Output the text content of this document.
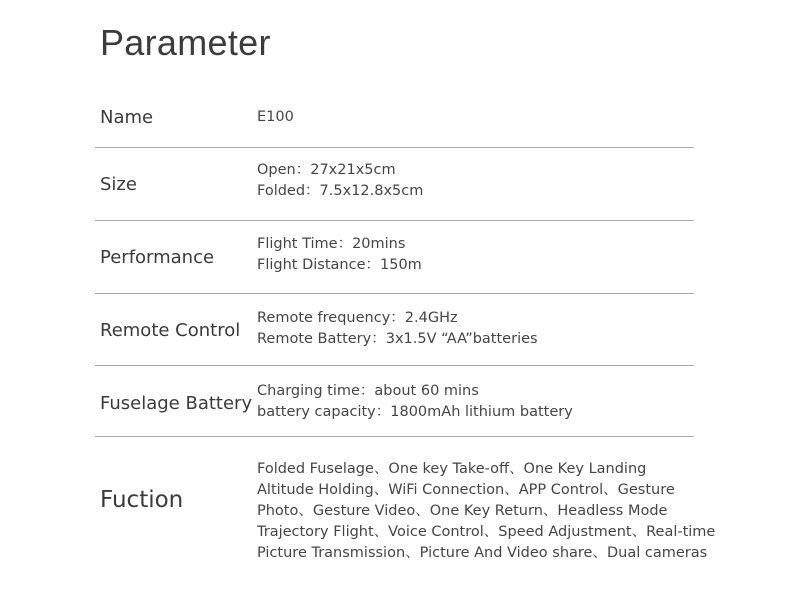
Parameter
Name	E100
Size
Open：27x21x5cm
Folded：7.5x12.8x5cm
Performance
Flight Time：20mins
Flight Distance：150m
Remote Control
Remote frequency：2.4GHz
Remote Battery：3x1.5V “AA”batteries
Fuselage Battery
Charging time：about 60 mins
battery capacity：1800mAh lithium battery
Fuction
Folded Fuselage、One key Take-off、One Key Landing
Altitude Holding、WiFi Connection、APP Control、Gesture
Photo、Gesture Video、One Key Return、Headless Mode
Trajectory Flight、Voice Control、Speed Adjustment、Real-time
Picture Transmission、Picture And Video share、Dual cameras
